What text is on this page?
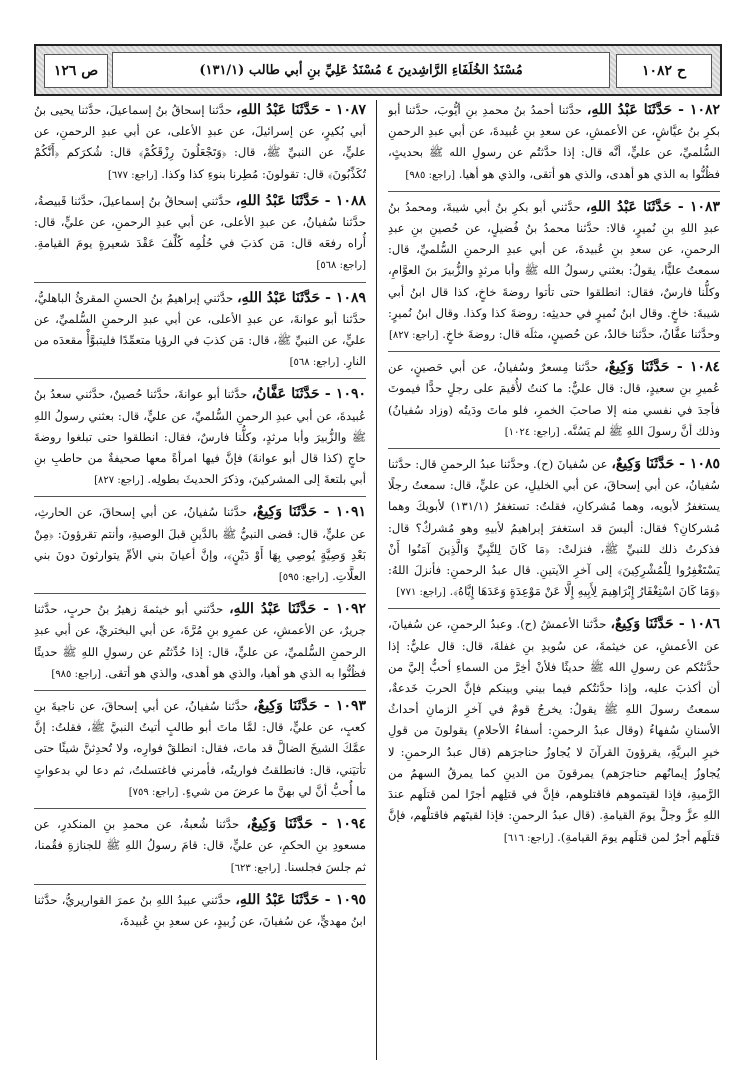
ح ١٠٨٢
مُسْنَدُ الخُلَفَاءِ الرَّاشِدينَ ٤ مُسْنَدُ عَلِيِّ بنِ أبي طالب (١٣١/١)
ص ١٢٦
١٠٨٢ - حَدَّثَنَا عَبْدُ اللهِ، حدَّثنا أحمدُ بنُ محمدِ بنِ أيُّوبَ، حدَّثنا أبو بكرِ بنُ عيَّاشٍ، عن الأعمشِ، عن سعدِ بنِ عُبيدةَ، عن أبي عبدِ الرحمنِ السُّلميِّ، عن عليٍّ، أنَّه قال: إذا حدَّثتُم عن رسولِ الله ﷺ بحديثٍ، فظُنُّوا به الذي هو أهدى، والذي هو أتقى، والذي هو أهيا. [راجع: ٩٨٥]
١٠٨٣ - حَدَّثَنَا عَبْدُ اللهِ، حدَّثني أبو بكرِ بنُ أبي شيبةَ، ومحمدُ بنُ عبدِ اللهِ بنِ نُميرٍ، قالا: حدَّثنا محمدُ بنُ فُضيلٍ، عن حُصينِ بنِ عبدِ الرحمنِ، عن سعدِ بنِ عُبيدةَ، عن أبي عبدِ الرحمنِ السُّلميِّ، قال: سمعتُ عليًّا، يقولُ: بعثني رسولُ الله ﷺ وأبا مرثدٍ والزُّبيرَ بنَ العوَّامِ، وكلُّنا فارسٌ، فقال: انطلقوا حتى تأتوا روضةَ خاخٍ، كذا قال ابنُ أبي شيبةَ: خاخٍ. وقال ابنُ نُميرٍ في حديثِه: روضةَ كذا وكذا. وقال ابنُ نُميرٍ: وحدَّثنا عفَّانُ، حدَّثنا خالدٌ، عن حُصينٍ، مثلَه قال: روضةَ خاخٍ. [راجع: ٨٢٧]
١٠٨٤ - حَدَّثَنَا وَكِيعٌ، حدَّثنا مِسعرٌ وسُفيانُ، عن أبي حَصينٍ، عن عُميرِ بنِ سعيدٍ، قال: قال عليٌّ: ما كنتُ لأُقيمَ على رجلٍ حدًّا فيموتَ فأجدَ في نفسي منه إلا صاحبَ الخمرِ، فلو ماتَ ودَيتُه (وزاد سُفيانُ) وذلك أنَّ رسولَ اللهِ ﷺ لم يَسُنَّه. [راجع: ١٠٢٤]
١٠٨٥ - حَدَّثَنَا وَكِيعٌ، عن سُفيانَ (ح). وحدَّثنا عبدُ الرحمنِ قال: حدَّثنا سُفيانُ، عن أبي إسحاقَ، عن أبي الخليلِ، عن عليٍّ، قال: سمعتُ رجلًا يستغفرُ لأبويه، وهما مُشركانِ، فقلتُ: تستغفرُ (١٣١/١) لأبويكَ وهما مُشركانِ؟ فقال: أليسَ قد استغفرَ إبراهيمُ لأبيهِ وهو مُشركٌ؟ قال: فذكرتُ ذلك للنبيِّ ﷺ، فنزلتْ: ﴿مَا كَانَ لِلنَّبِيِّ وَالَّذِينَ آمَنُوا أَنْ يَسْتَغْفِرُوا لِلْمُشْرِكِينَ﴾ إلى آخرِ الآيتينِ. قال عبدُ الرحمنِ: فأنزلَ اللهُ: ﴿وَمَا كَانَ اسْتِغْفَارُ إِبْرَاهِيمَ لِأَبِيهِ إِلَّا عَنْ مَوْعِدَةٍ وَعَدَهَا إِيَّاهُ﴾. [راجع: ٧٧١]
١٠٨٦ - حَدَّثَنَا وَكِيعٌ، حدَّثنا الأعمشُ (ح). وعبدُ الرحمنِ، عن سُفيانَ، عن الأعمشِ، عن خيثمةَ، عن سُويدِ بنِ غفلةَ، قال: قال عليٌّ: إذا حدَّثتُكم عن رسولِ الله ﷺ حديثًا فلأنْ أخِرَّ من السماءِ أحبُّ إليَّ من أن أكذبَ عليه، وإذا حدَّثتُكم فيما بيني وبينكم فإنَّ الحربَ خَدعةٌ، سمعتُ رسولَ اللهِ ﷺ يقولُ: يخرجُ قومٌ في آخرِ الزمانِ أحداثُ الأسنانِ سُفهاءُ (وقال عبدُ الرحمنِ: أسفاءُ الأحلامِ) يقولونَ من قولِ خيرِ البريَّةِ، يقرؤونَ القرآنَ لا يُجاوزُ حناجرَهم (قال عبدُ الرحمنِ: لا يُجاوزُ إيمانُهم حناجرَهم) يمرقونَ من الدينِ كما يمرقُ السهمُ من الرَّميةِ، فإذا لقيتموهم فاقتلوهم، فإنَّ في قتلِهم أجرًا لمن قتلَهم عندَ اللهِ عزَّ وجلَّ يومَ القيامةِ. (قال عبدُ الرحمنِ: فإذا لقيتَهم فاقتلْهم، فإنَّ قتلَهم أجرٌ لمن قتلَهم يومَ القيامةِ). [راجع: ٦١٦]
١٠٨٧ - حَدَّثَنَا عَبْدُ اللهِ، حدَّثنا إسحاقُ بنُ إسماعيلَ، حدَّثنا يحيى بنُ أبي بُكيرٍ، عن إسرائيلَ، عن عبدِ الأعلى، عن أبي عبدِ الرحمنِ، عن عليٍّ، عن النبيِّ ﷺ، قال: ﴿وَتَجْعَلُونَ رِزْقَكُمْ﴾ قال: شُكرَكم ﴿أَنَّكُمْ تُكَذِّبُونَ﴾ قال: تقولونَ: مُطِرنا بنوءِ كذا وكذا. [راجع: ٦٧٧]
١٠٨٨ - حَدَّثَنَا عَبْدُ اللهِ، حدَّثني إسحاقُ بنُ إسماعيلَ، حدَّثنا قَبيصةُ، حدَّثنا سُفيانُ، عن عبدِ الأعلى، عن أبي عبدِ الرحمنِ، عن عليٍّ، قال: أُراه رفعَه قال: مَن كذبَ في حُلُمِه كُلِّفَ عَقْدَ شعيرةٍ يومَ القيامةِ. [راجع: ٥٦٨]
١٠٨٩ - حَدَّثَنَا عَبْدُ اللهِ، حدَّثني إبراهيمُ بنُ الحسنِ المقرئُ الباهليُّ، حدَّثنا أبو عوانةَ، عن عبدِ الأعلى، عن أبي عبدِ الرحمنِ السُّلميِّ، عن عليٍّ، عن النبيِّ ﷺ، قال: مَن كذبَ في الرؤيا متعمِّدًا فليتبوَّأْ مقعدَه من النارِ. [راجع: ٥٦٨]
١٠٩٠ - حَدَّثَنَا عَفَّانُ، حدَّثنا أبو عوانةَ، حدَّثنا حُصينٌ، حدَّثني سعدُ بنُ عُبيدةَ، عن أبي عبدِ الرحمنِ السُّلميِّ، عن عليٍّ، قال: بعثني رسولُ اللهِ ﷺ والزُّبيرَ وأبا مرثدٍ، وكلُّنا فارسٌ، فقال: انطلقوا حتى تبلغوا روضةَ حاجٍ (كذا قال أبو عوانةَ) فإنَّ فيها امرأةً معها صحيفةٌ من حاطبِ بنِ أبي بلتعةَ إلى المشركينَ، وذكرَ الحديثَ بطولِه. [راجع: ٨٢٧]
١٠٩١ - حَدَّثَنَا وَكِيعٌ، حدَّثنا سُفيانُ، عن أبي إسحاقَ، عن الحارثِ، عن عليٍّ، قال: قضى النبيُّ ﷺ بالدَّينِ قبلَ الوصيةِ، وأنتم تقرؤونَ: ﴿مِنْ بَعْدِ وَصِيَّةٍ يُوصِي بِهَا أَوْ دَيْنٍ﴾، وإنَّ أعيانَ بني الأمِّ يتوارثونَ دونَ بني العلَّاتِ. [راجع: ٥٩٥]
١٠٩٢ - حَدَّثَنَا عَبْدُ اللهِ، حدَّثني أبو خيثمةَ زهيرُ بنُ حربٍ، حدَّثنا جريرٌ، عن الأعمشِ، عن عمرِو بنِ مُرَّةَ، عن أبي البختريِّ، عن أبي عبدِ الرحمنِ السُّلميِّ، عن عليٍّ، قال: إذا حُدِّثتُم عن رسولِ اللهِ ﷺ حديثًا فظُنُّوا به الذي هو أهيا، والذي هو أهدى، والذي هو أتقى. [راجع: ٩٨٥]
١٠٩٣ - حَدَّثَنَا وَكِيعٌ، حدَّثنا سُفيانُ، عن أبي إسحاقَ، عن ناجيةَ بنِ كعبٍ، عن عليٍّ، قال: لمَّا ماتَ أبو طالبٍ أتيتُ النبيَّ ﷺ، فقلتُ: إنَّ عمَّكَ الشيخَ الضالَّ قد ماتَ، فقال: انطلقْ فوارِه، ولا تُحدِثنَّ شيئًا حتى تأتيَني، قال: فانطلقتُ فواريتُه، فأمرني فاغتسلتُ، ثم دعا لي بدعواتٍ ما أُحبُّ أنَّ لي بهنَّ ما عرضَ من شيءٍ. [راجع: ٧٥٩]
١٠٩٤ - حَدَّثَنَا وَكِيعٌ، حدَّثنا شُعبةُ، عن محمدِ بنِ المنكدرِ، عن مسعودِ بنِ الحكمِ، عن عليٍّ، قال: قامَ رسولُ اللهِ ﷺ للجنازةِ فقُمنا، ثم جلسَ فجلسنا. [راجع: ٦٢٣]
١٠٩٥ - حَدَّثَنَا عَبْدُ اللهِ، حدَّثني عبيدُ اللهِ بنُ عمرَ القواريريُّ، حدَّثنا ابنُ مهديٍّ، عن سُفيانَ، عن زُبيدٍ، عن سعدِ بنِ عُبيدةَ،
